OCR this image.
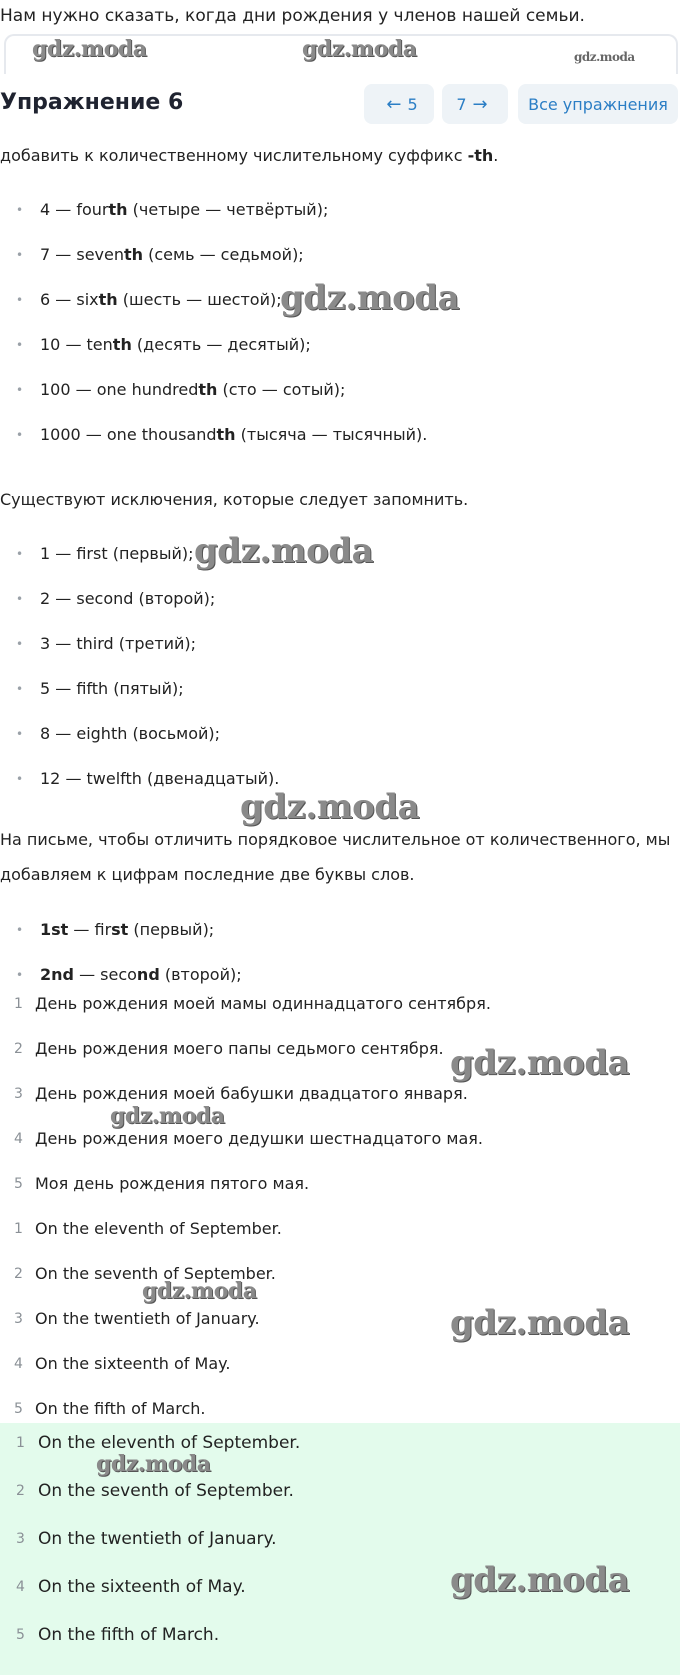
Нам нужно сказать, когда дни рождения у членов нашей семьи.
gdz.moda	gdz.moda	gdz.moda
Упражнение 6	← 5 7 →	Все упражнения
добавить к количественному числительному суффикс -th.
• 4 — fourth (четыре — четвёртый);
• 7 — seventh (семь — седьмой);
• 6 — sixth (шесть — шестой);
• 10 — tenth (десять — десятый);
• 100 — one hundredth (сто — сотый);
• 1000 — one thousandth (тысяча — тысячный).
gdz.moda
Существуют исключения, которые следует запомнить.
• 1 — first (первый);
• 2 — second (второй);
• 3 — third (третий);
• 5 — fifth (пятый);
• 8 — eighth (восьмой);
• 12 — twelfth (двенадцатый).
gdz.moda
gdz.moda
На письме, чтобы отличить порядковое числительное от количественного, мы
добавляем к цифрам последние две буквы слов.
• 1st — first (первый);
• 2nd — second (второй);
1 День рождения моей мамы одиннадцатого сентября.
2 День рождения моего папы седьмого сентября.
3 День рождения моей бабушки двадцатого января.
4 День рождения моего дедушки шестнадцатого мая.
5 Моя день рождения пятого мая.
gdz.moda
gdz.moda
1 On the eleventh of September.
2 On the seventh of September.
3 On the twentieth of January.
4 On the sixteenth of May.
5 On the fifth of March.
gdz.moda
gdz.moda
1 On the eleventh of September.
2 On the seventh of September.
3 On the twentieth of January.
4 On the sixteenth of May.
5 On the fifth of March.
gdz.moda
gdz.moda
